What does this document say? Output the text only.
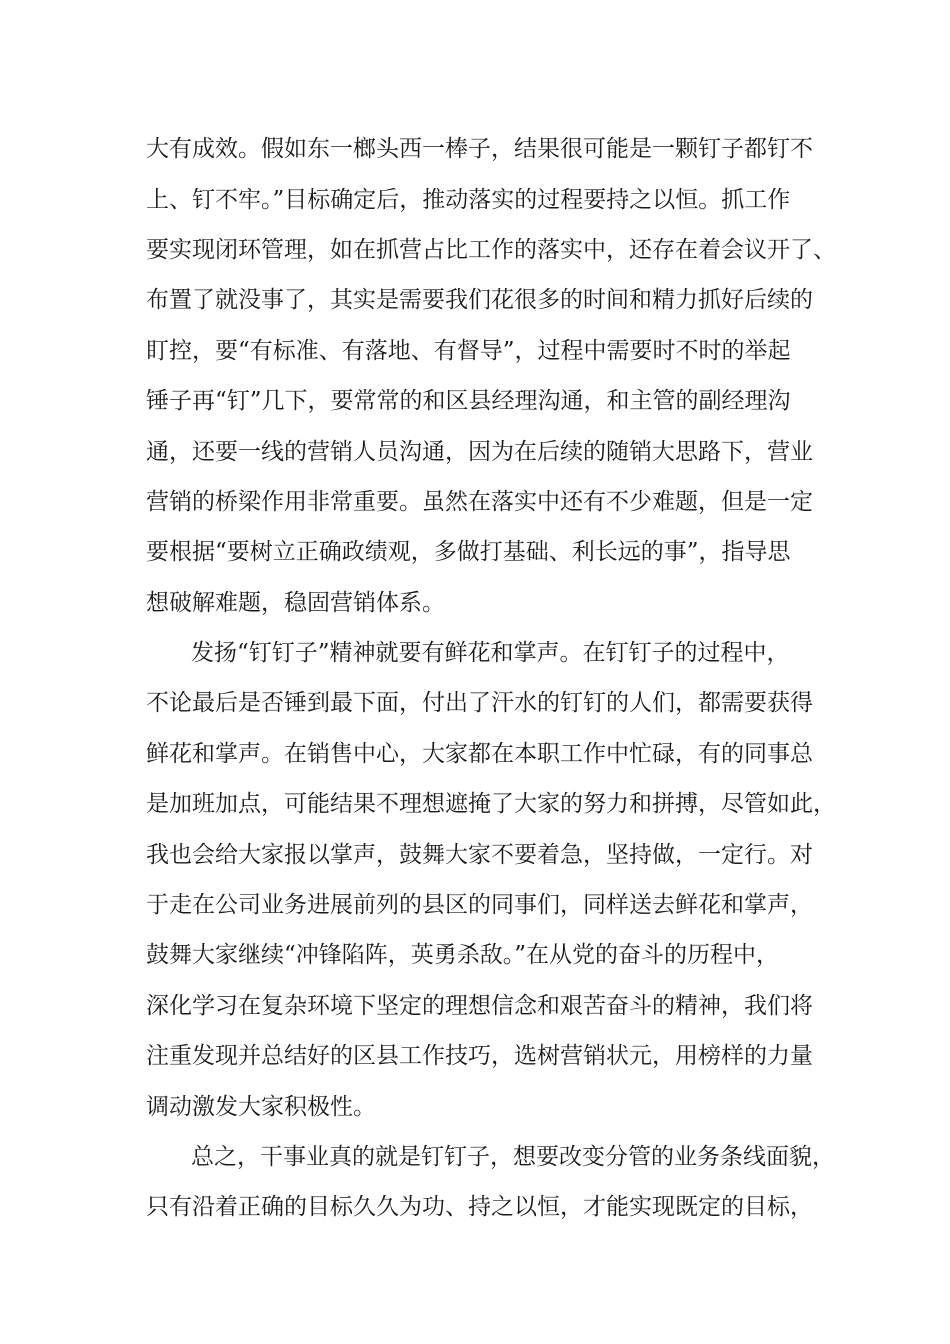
大有成效。假如东一榔头西一棒子，结果很可能是一颗钉子都钉不
上、钉不牢。”目标确定后，推动落实的过程要持之以恒。抓工作
要实现闭环管理，如在抓营占比工作的落实中，还存在着会议开了、
布置了就没事了，其实是需要我们花很多的时间和精力抓好后续的
盯控，要“有标准、有落地、有督导”，过程中需要时不时的举起
锤子再“钉”几下，要常常的和区县经理沟通，和主管的副经理沟
通，还要一线的营销人员沟通，因为在后续的随销大思路下，营业
营销的桥梁作用非常重要。虽然在落实中还有不少难题，但是一定
要根据“要树立正确政绩观，多做打基础、利长远的事”，指导思
想破解难题，稳固营销体系。
发扬“钉钉子”精神就要有鲜花和掌声。在钉钉子的过程中，
不论最后是否锤到最下面，付出了汗水的钉钉的人们，都需要获得
鲜花和掌声。在销售中心，大家都在本职工作中忙碌，有的同事总
是加班加点，可能结果不理想遮掩了大家的努力和拼搏，尽管如此，
我也会给大家报以掌声，鼓舞大家不要着急，坚持做，一定行。对
于走在公司业务进展前列的县区的同事们，同样送去鲜花和掌声，
鼓舞大家继续“冲锋陷阵，英勇杀敌。”在从党的奋斗的历程中，
深化学习在复杂环境下坚定的理想信念和艰苦奋斗的精神，我们将
注重发现并总结好的区县工作技巧，选树营销状元，用榜样的力量
调动激发大家积极性。
总之，干事业真的就是钉钉子，想要改变分管的业务条线面貌，
只有沿着正确的目标久久为功、持之以恒，才能实现既定的目标，
